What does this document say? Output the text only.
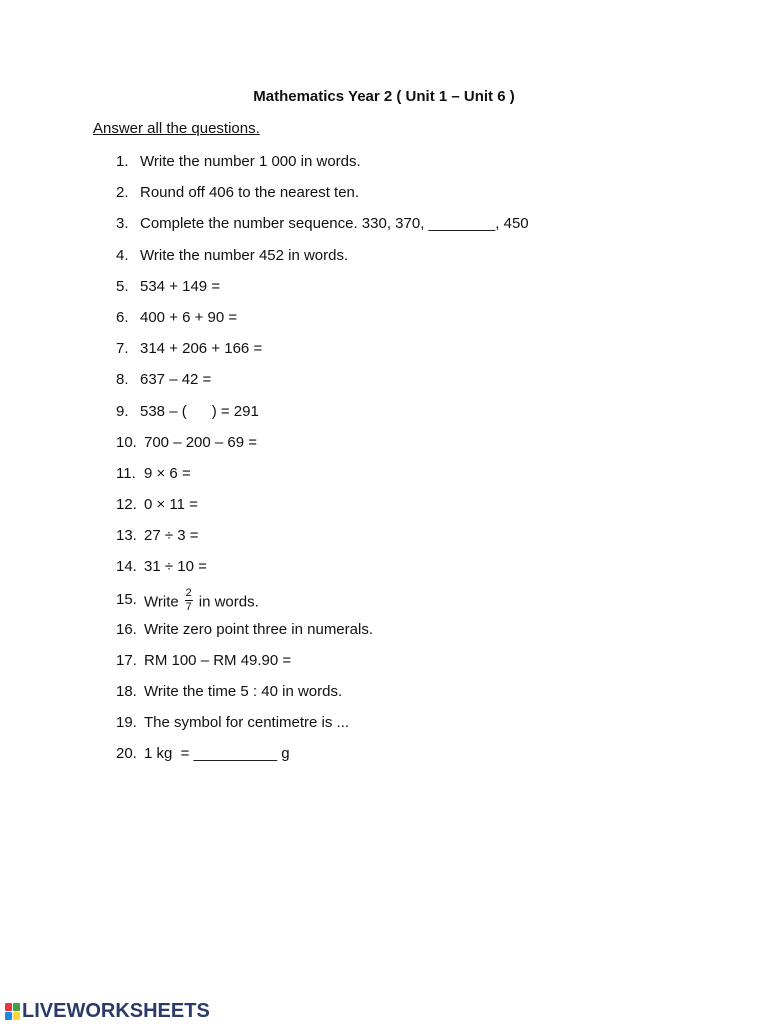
Mathematics Year 2 ( Unit 1 – Unit 6 )
Answer all the questions.
1. Write the number 1 000 in words.
2. Round off 406 to the nearest ten.
3. Complete the number sequence. 330, 370, ________, 450
4. Write the number 452 in words.
5. 534 + 149 =
6. 400 + 6 + 90 =
7. 314 + 206 + 166 =
8. 637 – 42 =
9. 538 – (      ) = 291
10. 700 – 200 – 69 =
11. 9 × 6 =
12. 0 × 11 =
13. 27 ÷ 3 =
14. 31 ÷ 10 =
15. Write $\frac{2}{7}$ in words.
16. Write zero point three in numerals.
17. RM 100 – RM 49.90 =
18. Write the time 5 : 40 in words.
19. The symbol for centimetre is ...
20. 1 kg  = __________ g
LIVEWORKSHEETS
